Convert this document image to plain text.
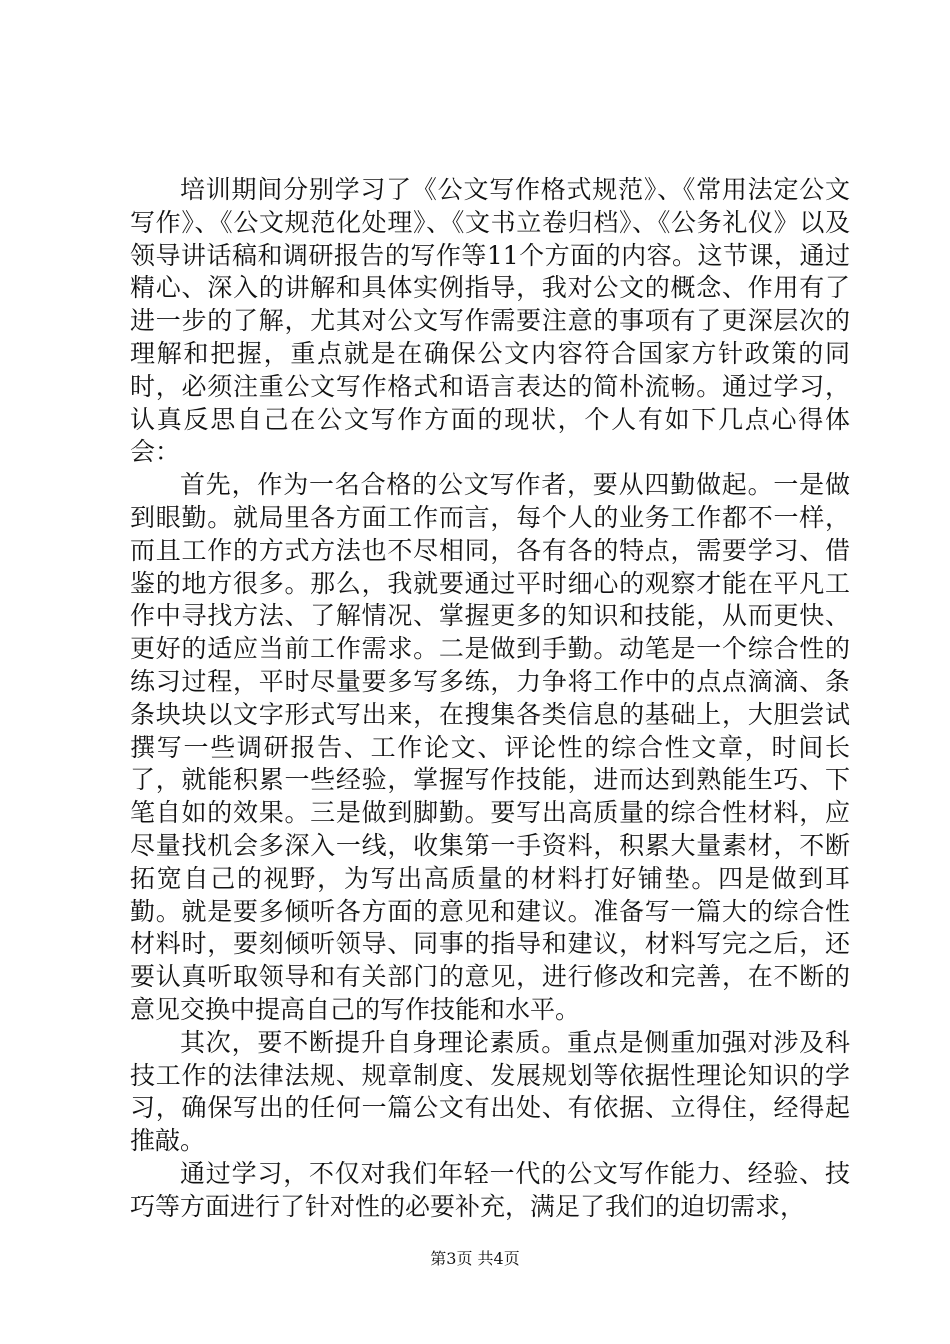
培训期间分别学习了《公文写作格式规范》、《常用法定公文写作》、《公文规范化处理》、《文书立卷归档》、《公务礼仪》以及领导讲话稿和调研报告的写作等11个方面的内容。这节课，通过精心、深入的讲解和具体实例指导，我对公文的概念、作用有了进一步的了解，尤其对公文写作需要注意的事项有了更深层次的理解和把握，重点就是在确保公文内容符合国家方针政策的同时，必须注重公文写作格式和语言表达的简朴流畅。通过学习，认真反思自己在公文写作方面的现状，个人有如下几点心得体会：

首先，作为一名合格的公文写作者，要从四勤做起。一是做到眼勤。就局里各方面工作而言，每个人的业务工作都不一样，而且工作的方式方法也不尽相同，各有各的特点，需要学习、借鉴的地方很多。那么，我就要通过平时细心的观察才能在平凡工作中寻找方法、了解情况、掌握更多的知识和技能，从而更快、更好的适应当前工作需求。二是做到手勤。动笔是一个综合性的练习过程，平时尽量要多写多练，力争将工作中的点点滴滴、条条块块以文字形式写出来，在搜集各类信息的基础上，大胆尝试撰写一些调研报告、工作论文、评论性的综合性文章，时间长了，就能积累一些经验，掌握写作技能，进而达到熟能生巧、下笔自如的效果。三是做到脚勤。要写出高质量的综合性材料，应尽量找机会多深入一线，收集第一手资料，积累大量素材，不断拓宽自己的视野，为写出高质量的材料打好铺垫。四是做到耳勤。就是要多倾听各方面的意见和建议。准备写一篇大的综合性材料时，要刻倾听领导、同事的指导和建议，材料写完之后，还要认真听取领导和有关部门的意见，进行修改和完善，在不断的意见交换中提高自己的写作技能和水平。

其次，要不断提升自身理论素质。重点是侧重加强对涉及科技工作的法律法规、规章制度、发展规划等依据性理论知识的学习，确保写出的任何一篇公文有出处、有依据、立得住，经得起推敲。

通过学习，不仅对我们年轻一代的公文写作能力、经验、技巧等方面进行了针对性的必要补充，满足了我们的迫切需求，

第3页 共4页
